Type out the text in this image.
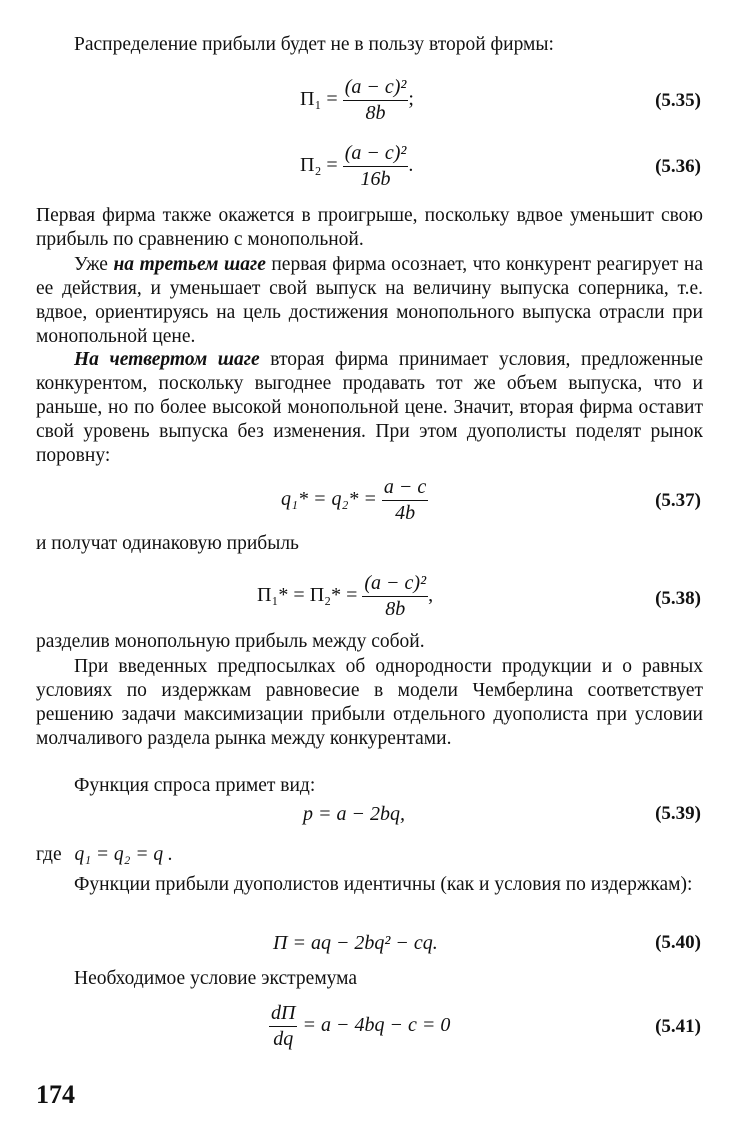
Распределение прибыли будет не в пользу второй фирмы:
$П_1 = \frac{\text{(a − c)²}}{8b}$ ;	(5.35)
$П_2 = \frac{\text{(a − c)²}}{16b}$ .	(5.36)
Первая фирма также окажется в проигрыше, поскольку вдвое уменьшит свою прибыль по сравнению с монопольной.
Уже на третьем шаге первая фирма осознает, что конкурент реагирует на ее действия, и уменьшает свой выпуск на величину выпуска соперника, т.е. вдвое, ориентируясь на цель достижения монопольного выпуска отрасли при монопольной цене.
На четвертом шаге вторая фирма принимает условия, предложенные конкурентом, поскольку выгоднее продавать тот же объем выпуска, что и раньше, но по более высокой монопольной цене. Значит, вторая фирма оставит свой уровень выпуска без изменения. При этом дуополисты поделят рынок поровну:
$q_1* = q_2* = \frac{a - c}{4b}$	(5.37)
и получат одинаковую прибыль
$П_1* = П_2* = \frac{\text{(a − c)²}}{8b}$ ,	(5.38)
разделив монопольную прибыль между собой.
При введенных предпосылках об однородности продукции и о равных условиях по издержкам равновесие в модели Чемберлина соответствует решению задачи максимизации прибыли отдельного дуополиста при условии молчаливого раздела рынка между конкурентами.
Функция спроса примет вид:
p = a − 2bq,	(5.39)
где q₁ = q₂ = q .
Функции прибыли дуополистов идентичны (как и условия по издержкам):
П = aq − 2bq² − cq.	(5.40)
Необходимое условие экстремума
$\frac{dП}{dq} = a - 4bq - c = 0$	(5.41)
174
